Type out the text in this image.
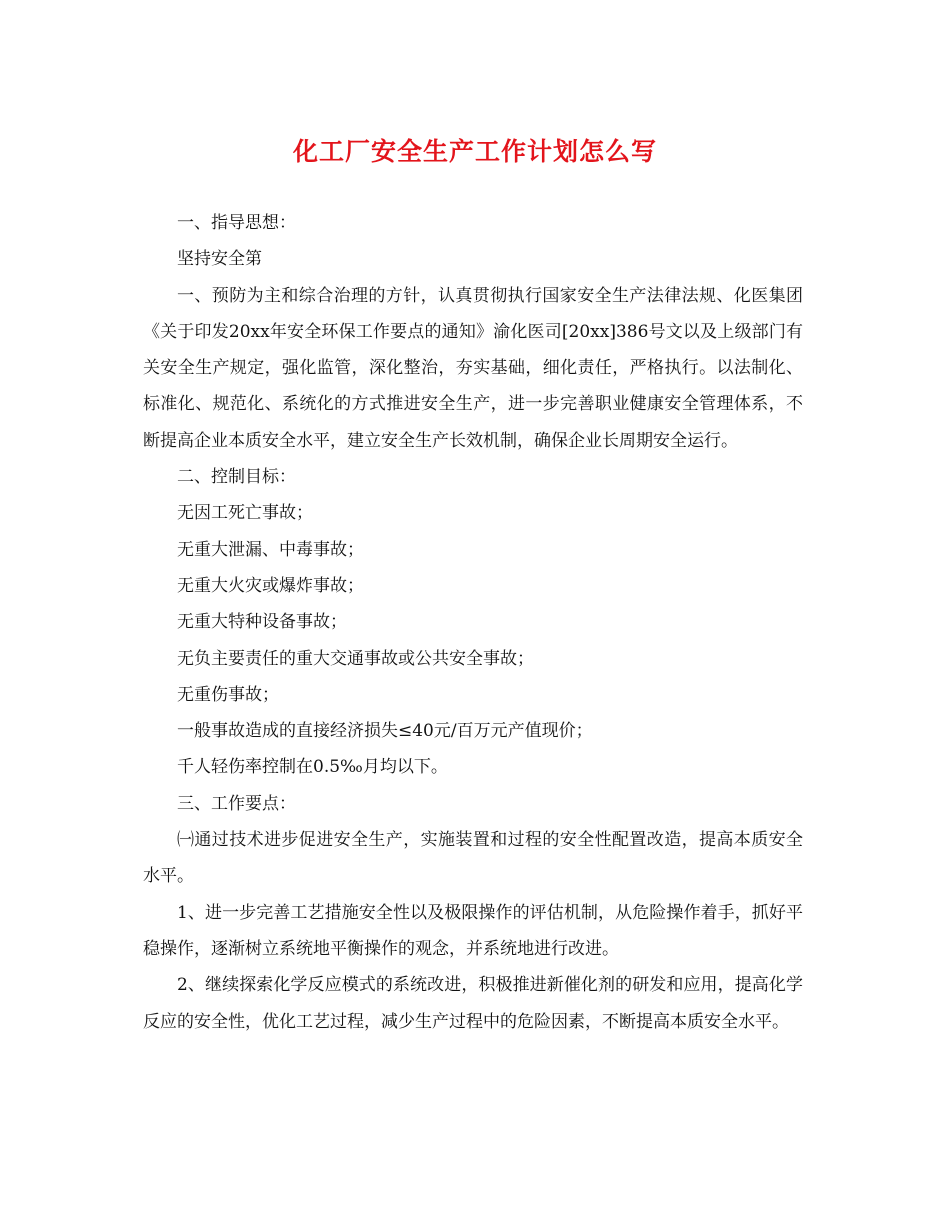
化工厂安全生产工作计划怎么写

一、指导思想：

坚持安全第

一、预防为主和综合治理的方针，认真贯彻执行国家安全生产法律法规、化医集团《关于印发20xx年安全环保工作要点的通知》渝化医司[20xx]386号文以及上级部门有关安全生产规定，强化监管，深化整治，夯实基础，细化责任，严格执行。以法制化、标准化、规范化、系统化的方式推进安全生产，进一步完善职业健康安全管理体系，不断提高企业本质安全水平，建立安全生产长效机制，确保企业长周期安全运行。

二、控制目标：

无因工死亡事故；

无重大泄漏、中毒事故；

无重大火灾或爆炸事故；

无重大特种设备事故；

无负主要责任的重大交通事故或公共安全事故；

无重伤事故；

一般事故造成的直接经济损失≤40元/百万元产值现价；

千人轻伤率控制在0.5‰月均以下。

三、工作要点：

㈠通过技术进步促进安全生产，实施装置和过程的安全性配置改造，提高本质安全水平。

1、进一步完善工艺措施安全性以及极限操作的评估机制，从危险操作着手，抓好平稳操作，逐渐树立系统地平衡操作的观念，并系统地进行改进。

2、继续探索化学反应模式的系统改进，积极推进新催化剂的研发和应用，提高化学反应的安全性，优化工艺过程，减少生产过程中的危险因素，不断提高本质安全水平。
